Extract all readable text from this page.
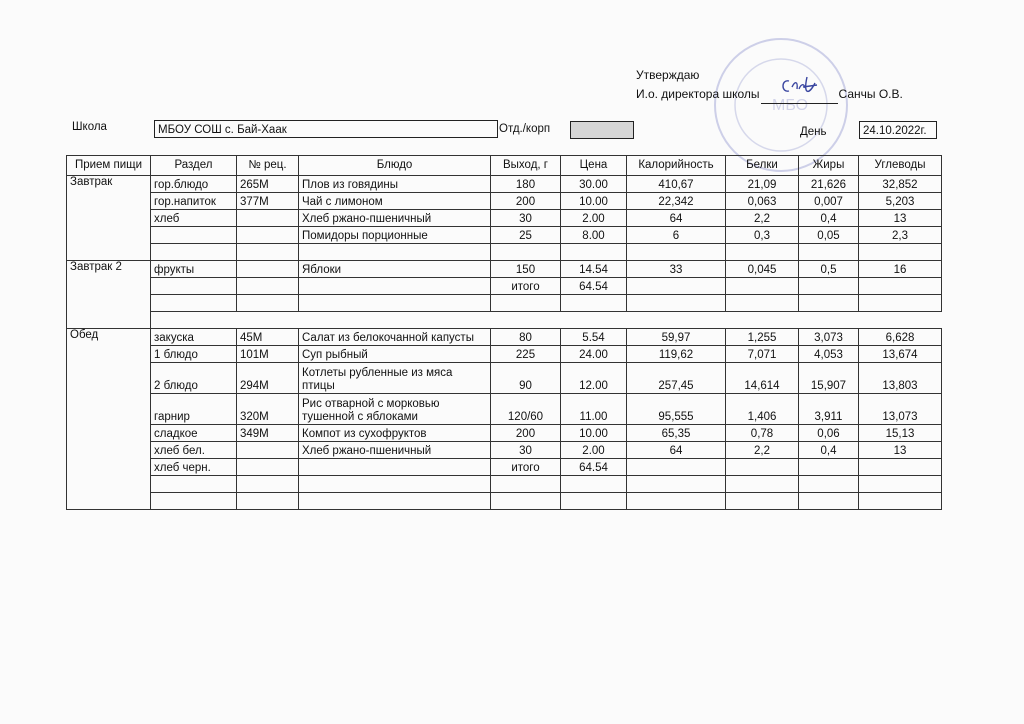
МБО
Утверждаю
И.о. директора школы	Санчы О.В.
Школа	МБОУ СОШ с. Бай-Хаак	Отд./корп	День	24.10.2022г.
Прием пищи	Раздел	№ рец.	Блюдо	Выход, г	Цена	Калорийность	Белки	Жиры	Углеводы
Завтрак	гор.блюдо	265М	Плов из говядины	180	30.00	410,67	21,09	21,626	32,852
	гор.напиток	377М	Чай с лимоном	200	10.00	22,342	0,063	0,007	5,203
	хлеб		Хлеб ржано-пшеничный	30	2.00	64	2,2	0,4	13
			Помидоры порционные	25	8.00	6	0,3	0,05	2,3

Завтрак 2	фрукты		Яблоки	150	14.54	33	0,045	0,5	16
				итого	64.54				

Обед	закуска	45М	Салат из белокочанной капусты	80	5.54	59,97	1,255	3,073	6,628
	1 блюдо	101М	Суп рыбный	225	24.00	119,62	7,071	4,053	13,674
	2 блюдо	294М	Котлеты рубленные из мяса птицы	90	12.00	257,45	14,614	15,907	13,803
	гарнир	320М	Рис отварной с морковью тушенной с яблоками	120/60	11.00	95,555	1,406	3,911	13,073
	сладкое	349М	Компот из сухофруктов	200	10.00	65,35	0,78	0,06	15,13
	хлеб бел.		Хлеб ржано-пшеничный	30	2.00	64	2,2	0,4	13
	хлеб черн.			итого	64.54				
